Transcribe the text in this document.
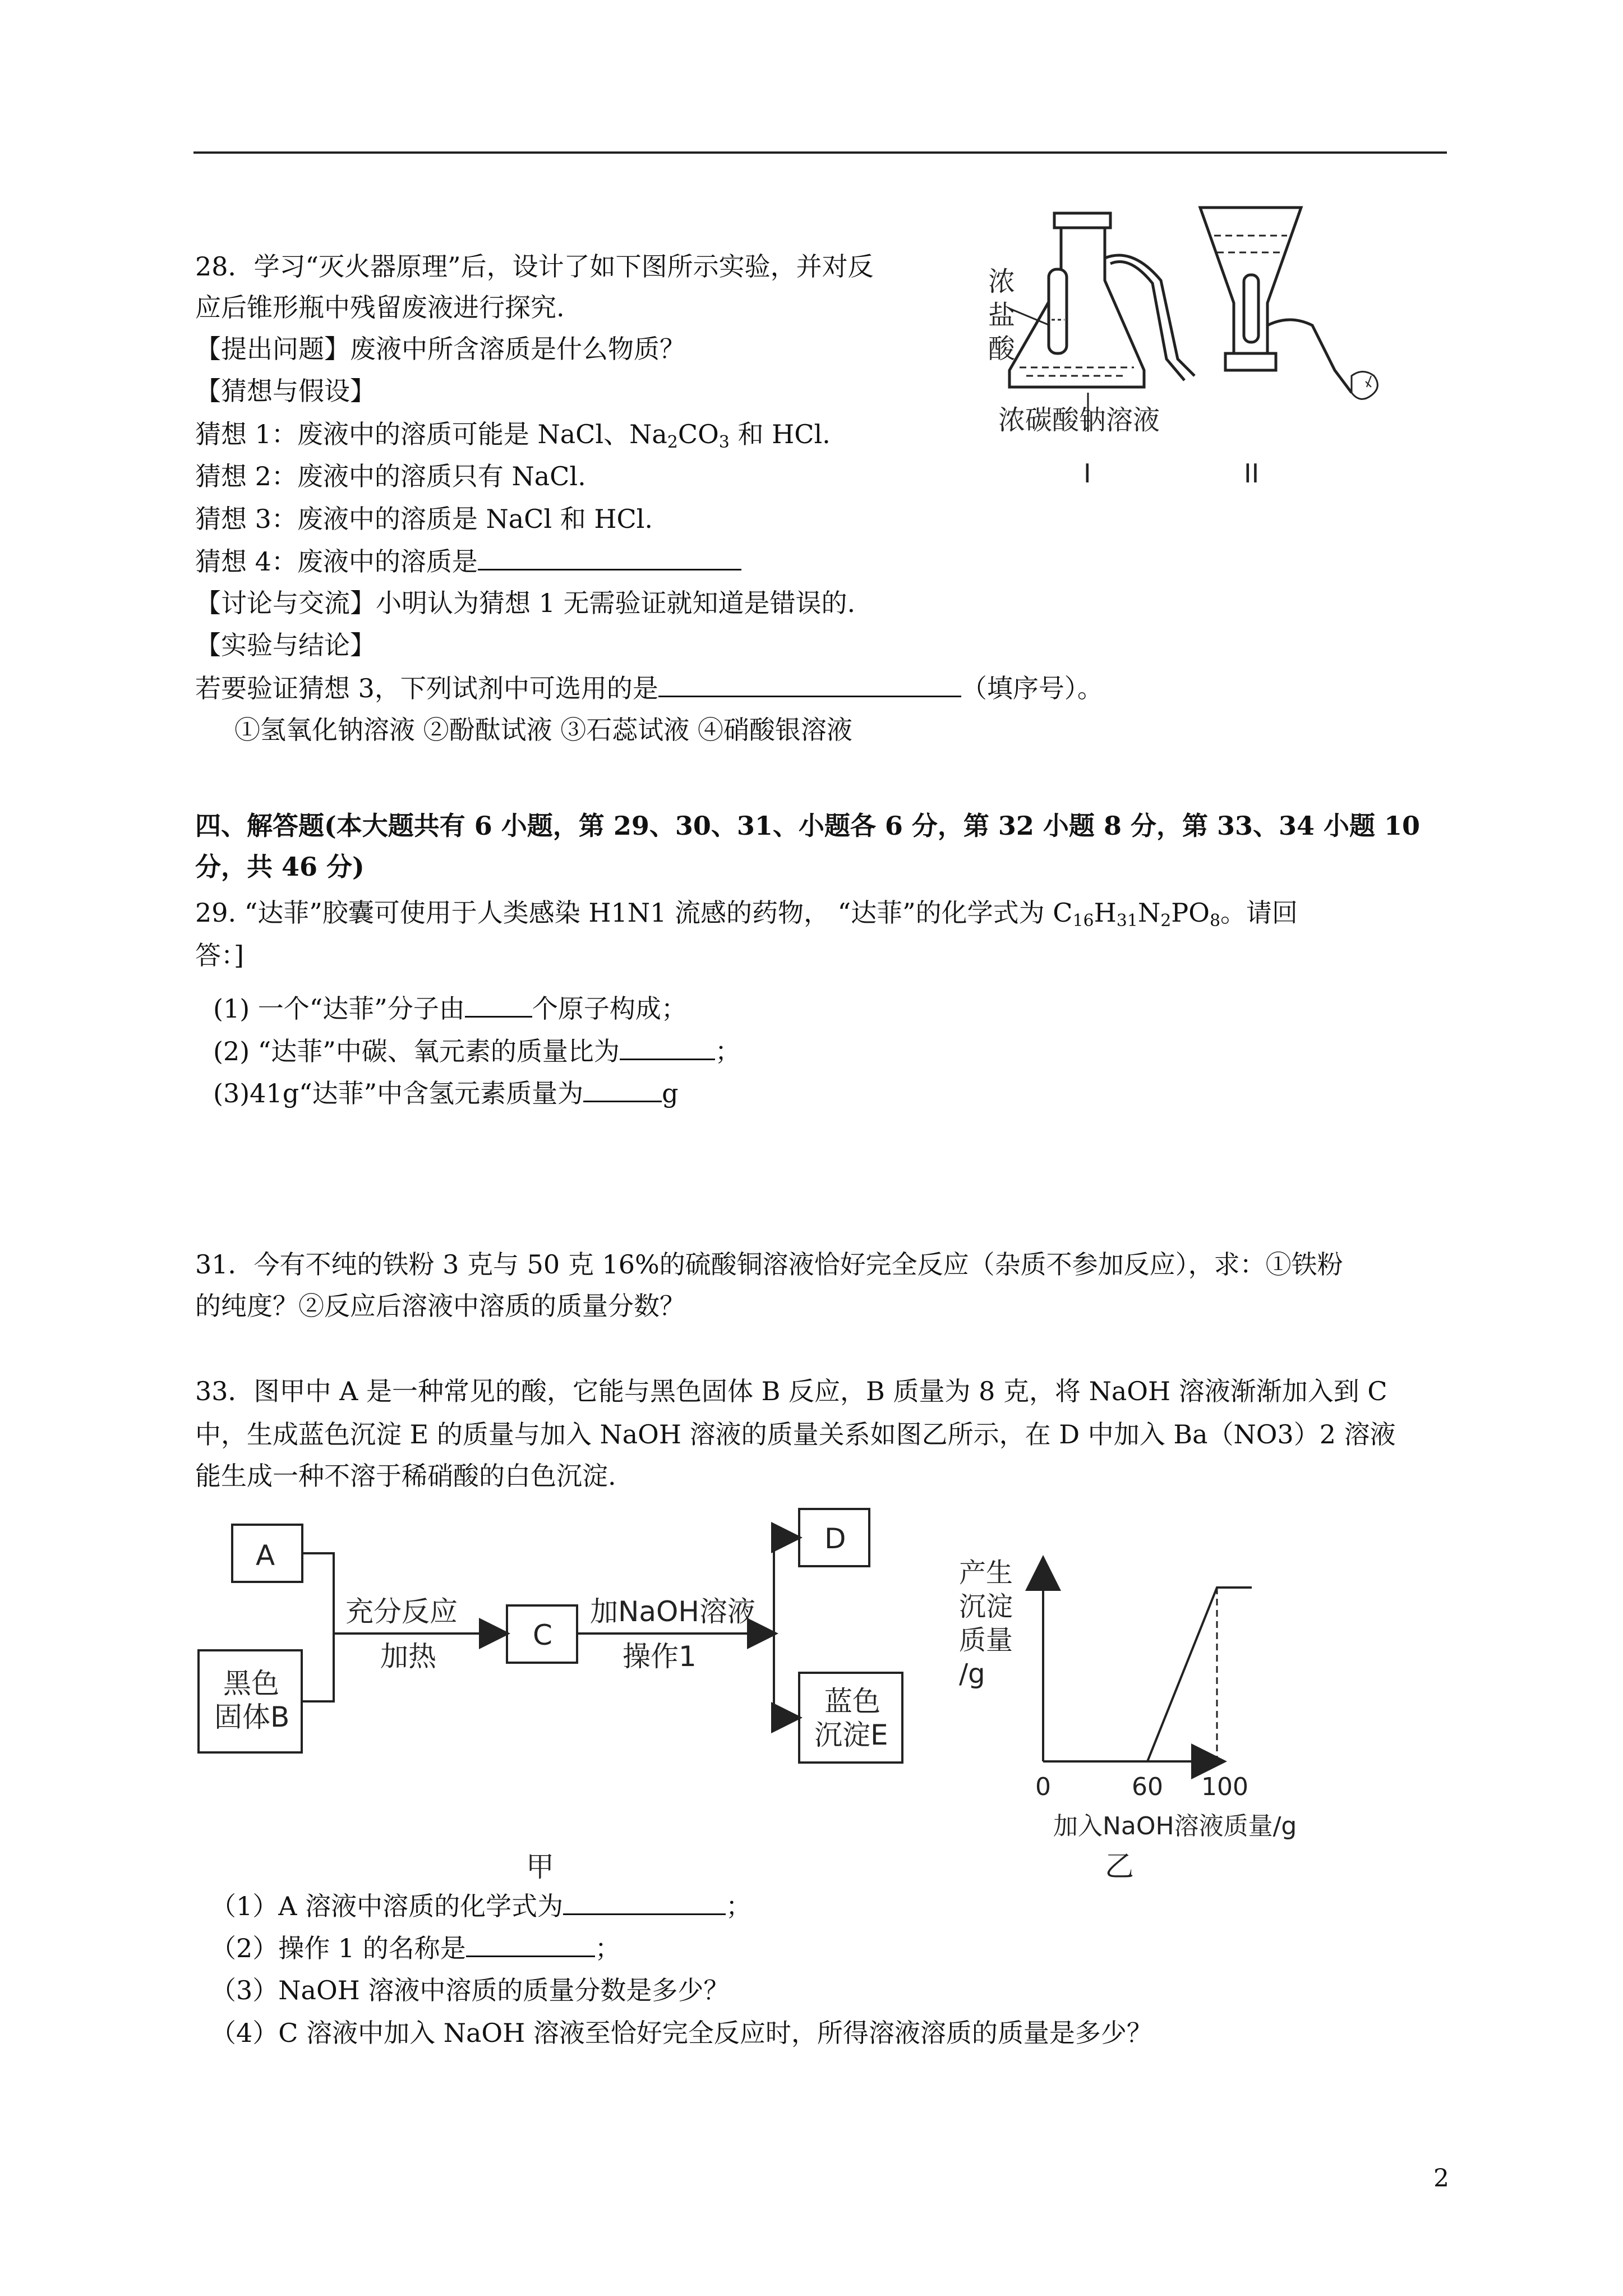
28．学习“灭火器原理”后，设计了如下图所示实验，并对反
应后锥形瓶中残留废液进行探究.
【提出问题】废液中所含溶质是什么物质？
【猜想与假设】
猜想 1：废液中的溶质可能是 NaCl、$Na_2CO_3$ 和 HCl.
猜想 2：废液中的溶质只有 NaCl.
猜想 3：废液中的溶质是 NaCl 和 HCl.
猜想 4：废液中的溶质是
【讨论与交流】小明认为猜想 1 无需验证就知道是错误的.
【实验与结论】
若要验证猜想 3，下列试剂中可选用的是	（填序号）。
①氢氧化钠溶液 ②酚酞试液 ③石蕊试液 ④硝酸银溶液
浓
盐
酸
浓碳酸钠溶液
I	II
四、解答题(本大题共有 6 小题，第 29、30、31、小题各 6 分，第 32 小题 8 分，第 33、34 小题 10
分，共 46 分)
29. “达菲”胶囊可使用于人类感染 H1N1 流感的药物， “达菲”的化学式为 $C_{16}H_{31}N_2PO_8$。请回
答：]
(1) 一个“达菲”分子由	个原子构成；
(2) “达菲”中碳、氧元素的质量比为	；
(3)41g“达菲”中含氢元素质量为	g
31．今有不纯的铁粉 3 克与 50 克 16%的硫酸铜溶液恰好完全反应（杂质不参加反应），求：①铁粉
的纯度？②反应后溶液中溶质的质量分数？
33．图甲中 A 是一种常见的酸，它能与黑色固体 B 反应，B 质量为 8 克，将 NaOH 溶液渐渐加入到 C
中，生成蓝色沉淀 E 的质量与加入 NaOH 溶液的质量关系如图乙所示，在 D 中加入 Ba（NO3）2 溶液
能生成一种不溶于稀硝酸的白色沉淀.
A
黑色
固体B
充分反应
加热
C
加NaOH溶液
操作1
D
蓝色
沉淀E
甲
0	60 100
产生
沉淀
质量
/g
加入NaOH溶液质量/g
乙
（1）A 溶液中溶质的化学式为	；
（2）操作 1 的名称是	；
（3）NaOH 溶液中溶质的质量分数是多少？
（4）C 溶液中加入 NaOH 溶液至恰好完全反应时，所得溶液溶质的质量是多少？
2
